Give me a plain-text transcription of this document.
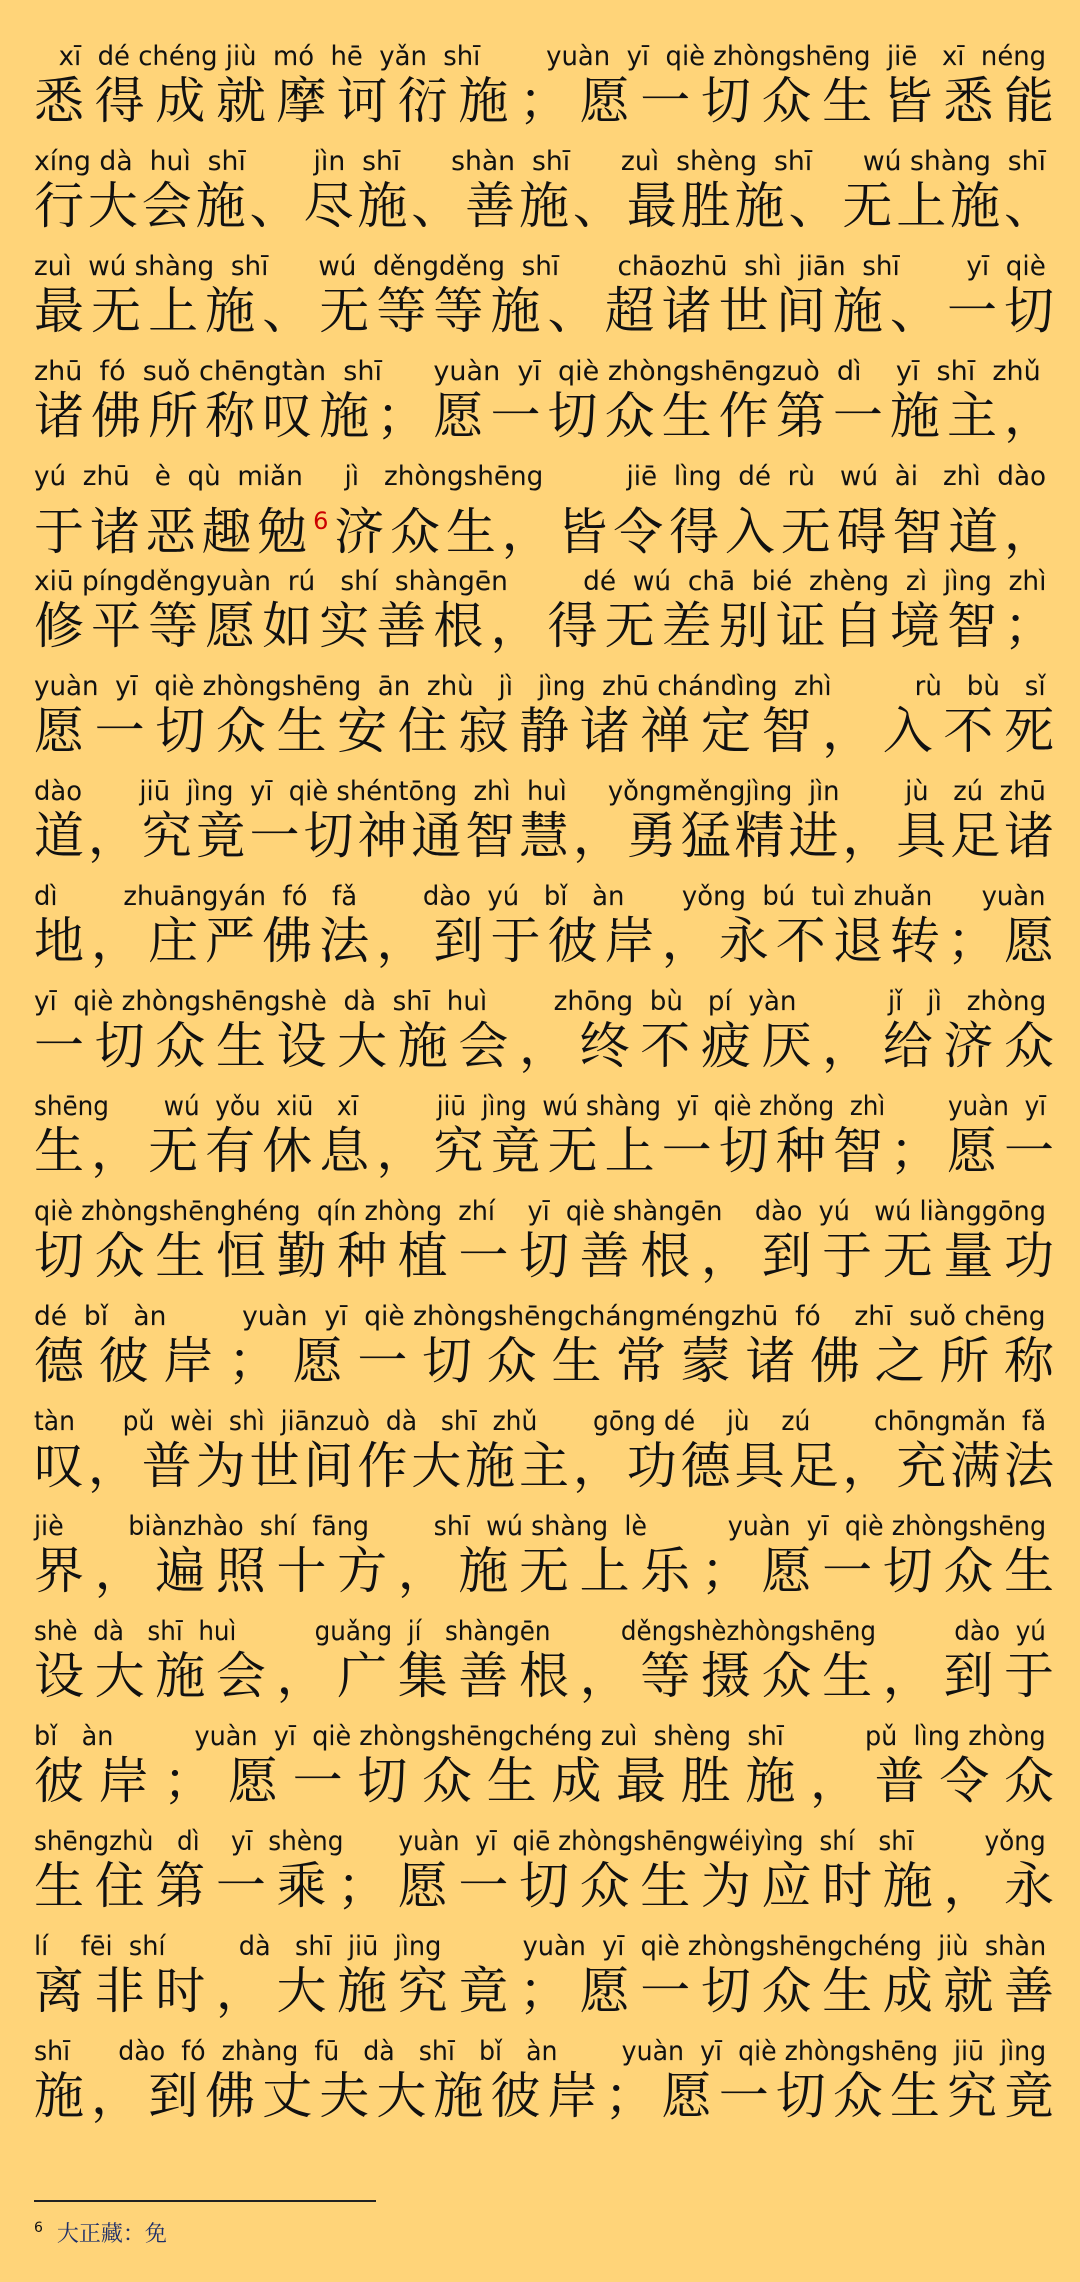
xī  dé chéng jiù  mó  hē  yǎn  shī        yuàn  yī  qiè zhòngshēng  jiē   xī  néng
悉得成就摩诃衍施；愿一切众生皆悉能
xíng dà  huì  shī        jìn  shī      shàn  shī      zuì  shèng  shī      wú shàng  shī
行大会施、尽施、善施、最胜施、无上施、
zuì  wú shàng  shī      wú  děngděng  shī       chāozhū  shì  jiān  shī        yī  qiè
最无上施、无等等施、超诸世间施、一切
zhū  fó  suǒ chēngtàn  shī      yuàn  yī  qiè zhòngshēngzuò  dì    yī  shī  zhǔ
诸佛所称叹施；愿一切众生作第一施主，
yú  zhū   è  qù  miǎn     jì   zhòngshēng          jiē  lìng  dé  rù   wú  ài   zhì  dào
于诸恶趣勉$^6$济众生，皆令得入无碍智道，
xiū píngděngyuàn  rú   shí  shàngēn         dé  wú  chā  bié  zhèng  zì  jìng  zhì
修平等愿如实善根，得无差别证自境智；
yuàn  yī  qiè zhòngshēng  ān  zhù   jì   jìng  zhū chándìng  zhì          rù   bù   sǐ
愿一切众生安住寂静诸禅定智，入不死
dào       jiū  jìng  yī  qiè shéntōng  zhì  huì     yǒngměngjìng  jìn        jù   zú  zhū
道，究竟一切神通智慧，勇猛精进，具足诸
dì        zhuāngyán  fó   fǎ        dào  yú   bǐ   àn       yǒng  bú  tuì zhuǎn      yuàn
地，庄严佛法，到于彼岸，永不退转；愿
yī  qiè zhòngshēngshè  dà  shī  huì        zhōng  bù   pí  yàn           jǐ   jì   zhòng
一切众生设大施会，终不疲厌，给济众
shēng       wú  yǒu  xiū   xī          jiū  jìng  wú shàng  yī  qiè zhǒng  zhì        yuàn  yī
生，无有休息，究竟无上一切种智；愿一
qiè zhòngshēnghéng  qín zhòng  zhí    yī  qiè shàngēn    dào  yú   wú liànggōng
切众生恒勤种植一切善根，到于无量功
dé  bǐ   àn         yuàn  yī  qiè zhòngshēngchángméngzhū  fó    zhī  suǒ chēng
德彼岸；愿一切众生常蒙诸佛之所称
tàn      pǔ  wèi  shì  jiānzuò  dà   shī  zhǔ       gōng dé    jù    zú        chōngmǎn  fǎ
叹，普为世间作大施主，功德具足，充满法
jiè        biànzhào  shí  fāng        shī  wú shàng  lè          yuàn  yī  qiè zhòngshēng
界，遍照十方，施无上乐；愿一切众生
shè  dà   shī  huì          guǎng  jí   shàngēn         děngshèzhòngshēng          dào  yú
设大施会，广集善根，等摄众生，到于
bǐ   àn          yuàn  yī  qiè zhòngshēngchéng zuì  shèng  shī          pǔ  lìng zhòng
彼岸；愿一切众生成最胜施，普令众
shēngzhù   dì    yī  shèng       yuàn  yī  qiē zhòngshēngwéiyìng  shí   shī         yǒng
生住第一乘；愿一切众生为应时施，永
lí    fēi  shí         dà   shī  jiū  jìng          yuàn  yī  qiè zhòngshēngchéng  jiù  shàn
离非时，大施究竟；愿一切众生成就善
shī      dào  fó  zhàng  fū   dà   shī   bǐ   àn        yuàn  yī  qiè zhòngshēng  jiū  jìng
施，到佛丈夫大施彼岸；愿一切众生究竟
$^6$ 大正藏：免
